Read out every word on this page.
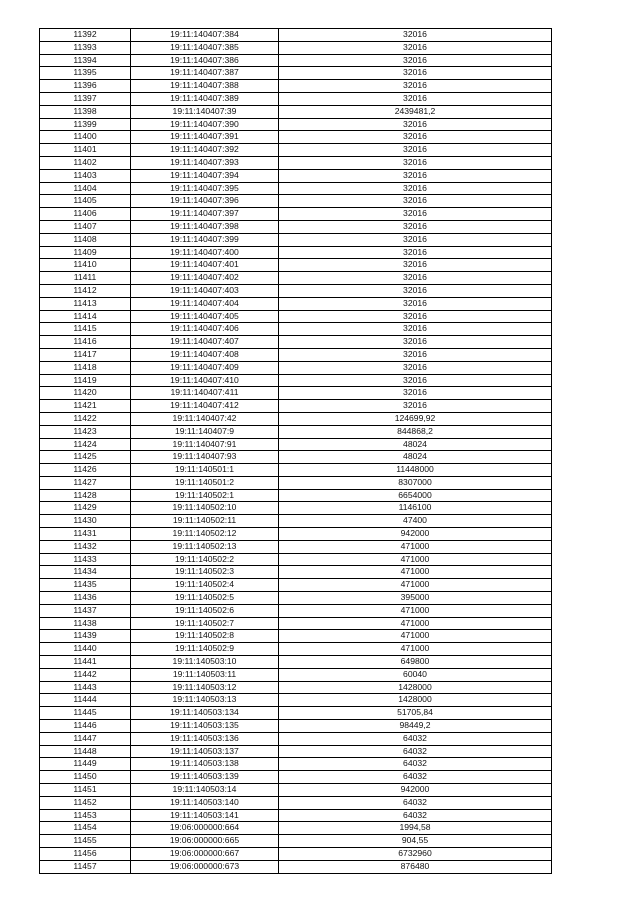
11392	19:11:140407:384	32016
11393	19:11:140407:385	32016
11394	19:11:140407:386	32016
11395	19:11:140407:387	32016
11396	19:11:140407:388	32016
11397	19:11:140407:389	32016
11398	19:11:140407:39	2439481,2
11399	19:11:140407:390	32016
11400	19:11:140407:391	32016
11401	19:11:140407:392	32016
11402	19:11:140407:393	32016
11403	19:11:140407:394	32016
11404	19:11:140407:395	32016
11405	19:11:140407:396	32016
11406	19:11:140407:397	32016
11407	19:11:140407:398	32016
11408	19:11:140407:399	32016
11409	19:11:140407:400	32016
11410	19:11:140407:401	32016
11411	19:11:140407:402	32016
11412	19:11:140407:403	32016
11413	19:11:140407:404	32016
11414	19:11:140407:405	32016
11415	19:11:140407:406	32016
11416	19:11:140407:407	32016
11417	19:11:140407:408	32016
11418	19:11:140407:409	32016
11419	19:11:140407:410	32016
11420	19:11:140407:411	32016
11421	19:11:140407:412	32016
11422	19:11:140407:42	124699,92
11423	19:11:140407:9	844868,2
11424	19:11:140407:91	48024
11425	19:11:140407:93	48024
11426	19:11:140501:1	11448000
11427	19:11:140501:2	8307000
11428	19:11:140502:1	6654000
11429	19:11:140502:10	1146100
11430	19:11:140502:11	47400
11431	19:11:140502:12	942000
11432	19:11:140502:13	471000
11433	19:11:140502:2	471000
11434	19:11:140502:3	471000
11435	19:11:140502:4	471000
11436	19:11:140502:5	395000
11437	19:11:140502:6	471000
11438	19:11:140502:7	471000
11439	19:11:140502:8	471000
11440	19:11:140502:9	471000
11441	19:11:140503:10	649800
11442	19:11:140503:11	60040
11443	19:11:140503:12	1428000
11444	19:11:140503:13	1428000
11445	19:11:140503:134	51705,84
11446	19:11:140503:135	98449,2
11447	19:11:140503:136	64032
11448	19:11:140503:137	64032
11449	19:11:140503:138	64032
11450	19:11:140503:139	64032
11451	19:11:140503:14	942000
11452	19:11:140503:140	64032
11453	19:11:140503:141	64032
11454	19:06:000000:664	1994,58
11455	19:06:000000:665	904,55
11456	19:06:000000:667	6732960
11457	19:06:000000:673	876480
